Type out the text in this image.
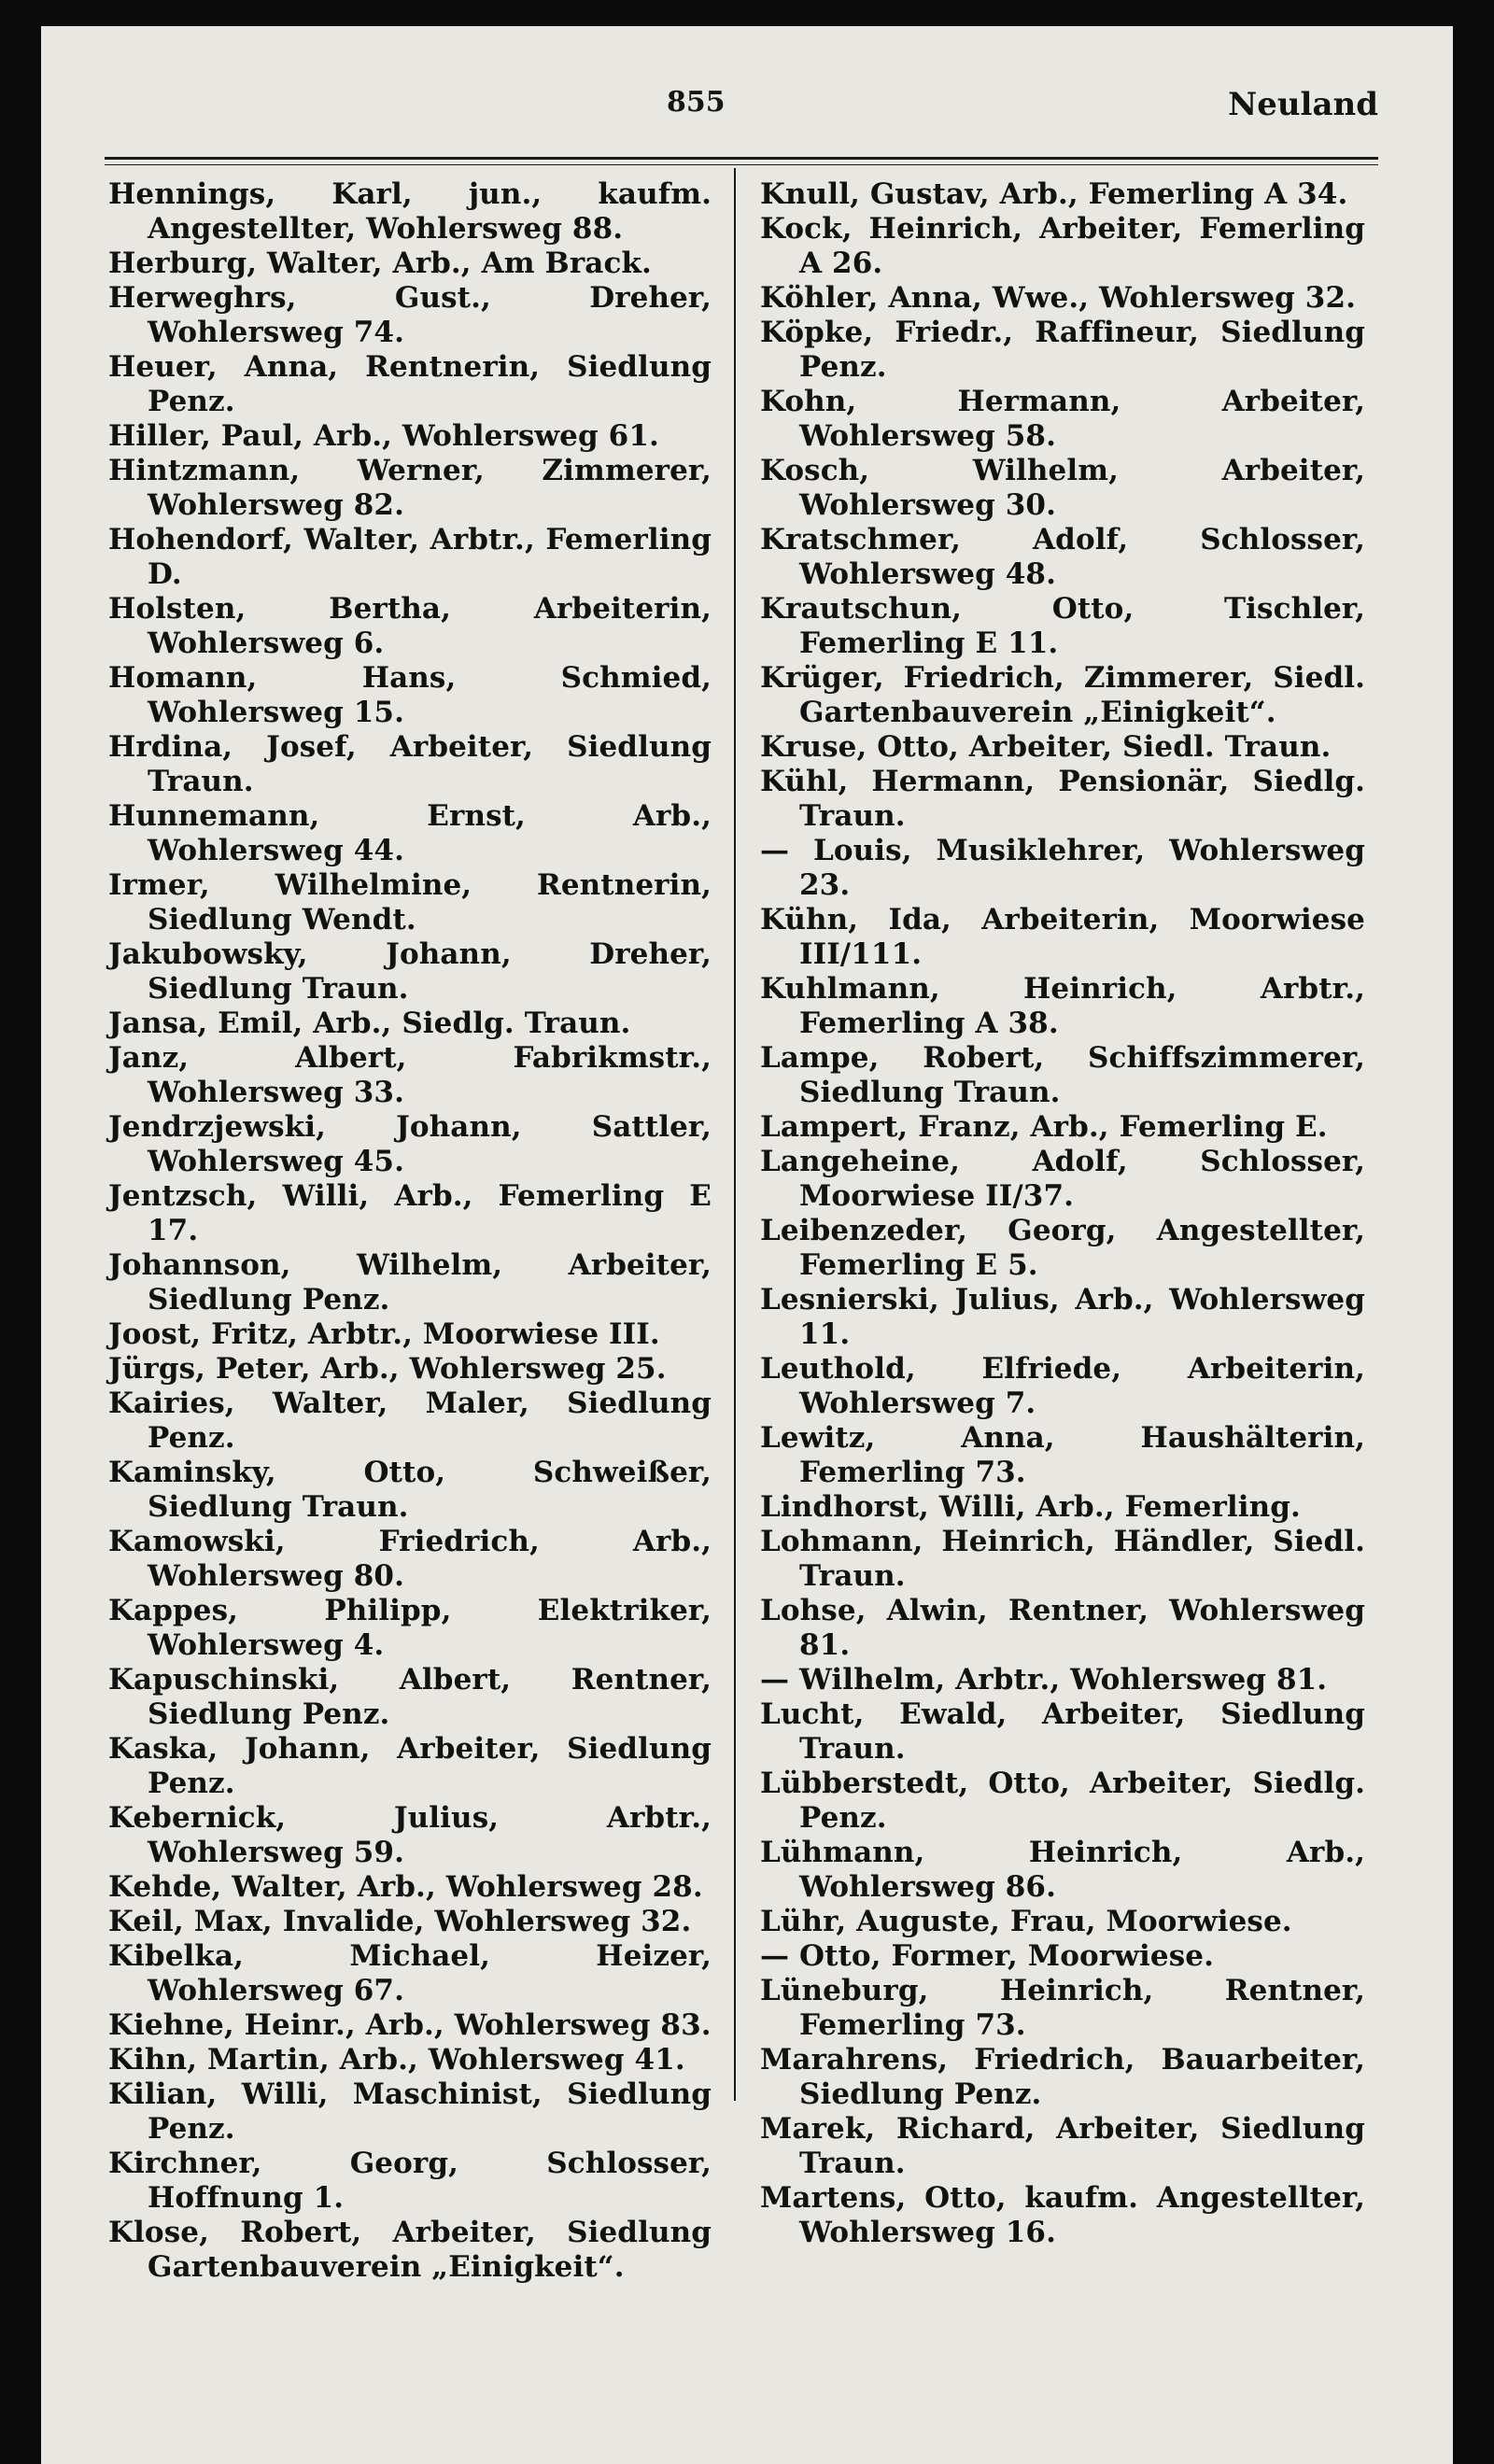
855	Neuland

Hennings, Karl, jun., kaufm. Angestellter, Wohlersweg 88.

Herburg, Walter, Arb., Am Brack.

Herweghrs, Gust., Dreher, Wohlersweg 74.

Heuer, Anna, Rentnerin, Siedlung Penz.

Hiller, Paul, Arb., Wohlersweg 61.

Hintzmann, Werner, Zimmerer, Wohlersweg 82.

Hohendorf, Walter, Arbtr., Femerling D.

Holsten, Bertha, Arbeiterin, Wohlersweg 6.

Homann, Hans, Schmied, Wohlersweg 15.

Hrdina, Josef, Arbeiter, Siedlung Traun.

Hunnemann, Ernst, Arb., Wohlersweg 44.

Irmer, Wilhelmine, Rentnerin, Siedlung Wendt.

Jakubowsky, Johann, Dreher, Siedlung Traun.

Jansa, Emil, Arb., Siedlg. Traun.

Janz, Albert, Fabrikmstr., Wohlersweg 33.

Jendrzjewski, Johann, Sattler, Wohlersweg 45.

Jentzsch, Willi, Arb., Femerling E 17.

Johannson, Wilhelm, Arbeiter, Siedlung Penz.

Joost, Fritz, Arbtr., Moorwiese III.

Jürgs, Peter, Arb., Wohlersweg 25.

Kairies, Walter, Maler, Siedlung Penz.

Kaminsky, Otto, Schweißer, Siedlung Traun.

Kamowski, Friedrich, Arb., Wohlersweg 80.

Kappes, Philipp, Elektriker, Wohlersweg 4.

Kapuschinski, Albert, Rentner, Siedlung Penz.

Kaska, Johann, Arbeiter, Siedlung Penz.

Kebernick, Julius, Arbtr., Wohlersweg 59.

Kehde, Walter, Arb., Wohlersweg 28.

Keil, Max, Invalide, Wohlersweg 32.

Kibelka, Michael, Heizer, Wohlersweg 67.

Kiehne, Heinr., Arb., Wohlersweg 83.

Kihn, Martin, Arb., Wohlersweg 41.

Kilian, Willi, Maschinist, Siedlung Penz.

Kirchner, Georg, Schlosser, Hoffnung 1.

Klose, Robert, Arbeiter, Siedlung Gartenbauverein „Einigkeit“.

Knull, Gustav, Arb., Femerling A 34.

Kock, Heinrich, Arbeiter, Femerling A 26.

Köhler, Anna, Wwe., Wohlersweg 32.

Köpke, Friedr., Raffineur, Siedlung Penz.

Kohn, Hermann, Arbeiter, Wohlersweg 58.

Kosch, Wilhelm, Arbeiter, Wohlersweg 30.

Kratschmer, Adolf, Schlosser, Wohlersweg 48.

Krautschun, Otto, Tischler, Femerling E 11.

Krüger, Friedrich, Zimmerer, Siedl. Gartenbauverein „Einigkeit“.

Kruse, Otto, Arbeiter, Siedl. Traun.

Kühl, Hermann, Pensionär, Siedlg. Traun.

— Louis, Musiklehrer, Wohlersweg 23.

Kühn, Ida, Arbeiterin, Moorwiese III/111.

Kuhlmann, Heinrich, Arbtr., Femerling A 38.

Lampe, Robert, Schiffszimmerer, Siedlung Traun.

Lampert, Franz, Arb., Femerling E.

Langeheine, Adolf, Schlosser, Moorwiese II/37.

Leibenzeder, Georg, Angestellter, Femerling E 5.

Lesnierski, Julius, Arb., Wohlersweg 11.

Leuthold, Elfriede, Arbeiterin, Wohlersweg 7.

Lewitz, Anna, Haushälterin, Femerling 73.

Lindhorst, Willi, Arb., Femerling.

Lohmann, Heinrich, Händler, Siedl. Traun.

Lohse, Alwin, Rentner, Wohlersweg 81.

— Wilhelm, Arbtr., Wohlersweg 81.

Lucht, Ewald, Arbeiter, Siedlung Traun.

Lübberstedt, Otto, Arbeiter, Siedlg. Penz.

Lühmann, Heinrich, Arb., Wohlersweg 86.

Lühr, Auguste, Frau, Moorwiese.

— Otto, Former, Moorwiese.

Lüneburg, Heinrich, Rentner, Femerling 73.

Marahrens, Friedrich, Bauarbeiter, Siedlung Penz.

Marek, Richard, Arbeiter, Siedlung Traun.

Martens, Otto, kaufm. Angestellter, Wohlersweg 16.
